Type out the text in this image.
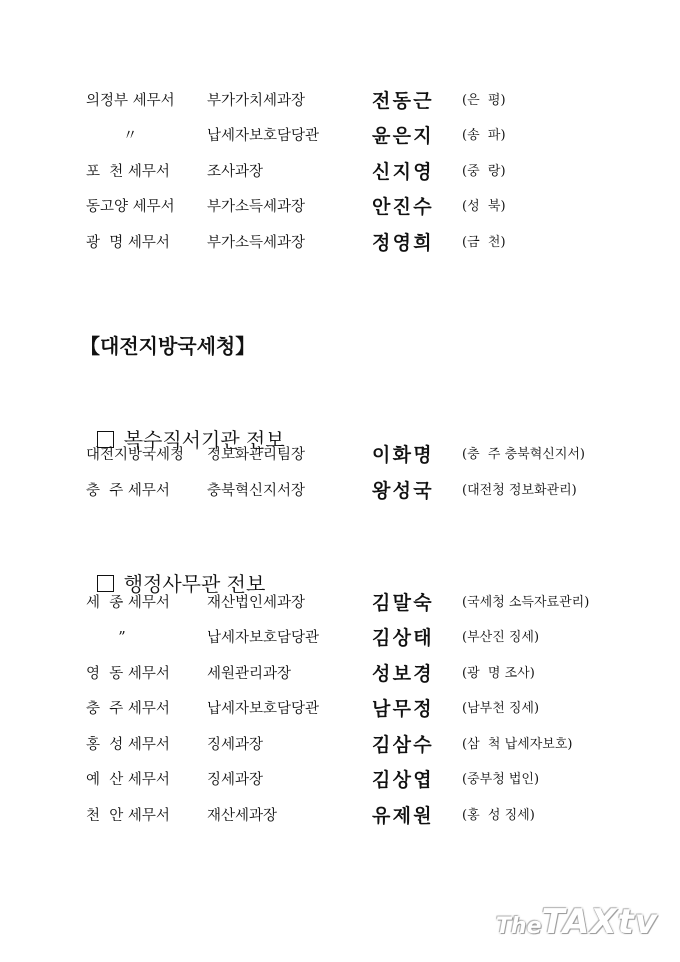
의정부 세무서 부가가치세과장	전동근 (은  평)
〃	납세자보호담당관	윤은지 (송  파)
포  천 세무서	조사과장	신지영 (중  랑)
동고양 세무서 부가소득세과장	안진수 (성  북)
광  명 세무서	부가소득세과장	정영희 (금  천)
【대전지방국세청】

복수직서기관 전보

대전지방국세청 정보화관리팀장	이화명 (충  주 충북혁신지서)
충  주 세무서	충북혁신지서장	왕성국 (대전청 정보화관리)

행정사무관 전보

세  종 세무서	재산법인세과장	김말숙 (국세청 소득자료관리)
”	납세자보호담당관	김상태 (부산진 징세)
영  동 세무서	세원관리과장	성보경 (광  명 조사)
충  주 세무서	납세자보호담당관	남무정 (남부천 징세)
홍  성 세무서	징세과장	김삼수 (삼  척 납세자보호)
예  산 세무서	징세과장	김상엽 (중부청 법인)
천  안 세무서	재산세과장	유제원 (홍  성 징세)

TheTAXtv
